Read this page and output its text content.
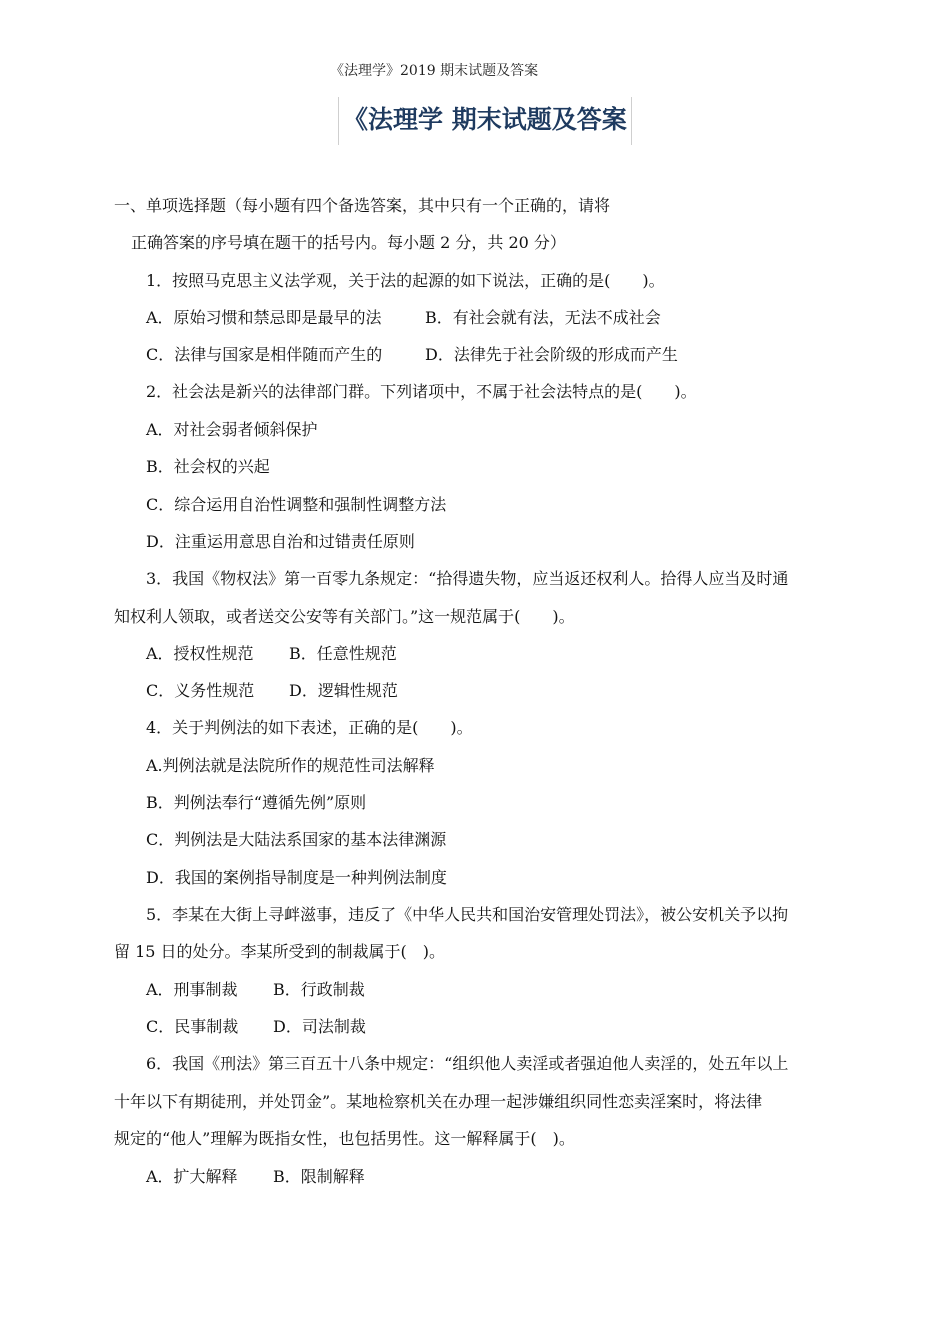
《法理学》2019 期末试题及答案
《法理学 期末试题及答案
一、单项选择题（每小题有四个备选答案，其中只有一个正确的，请将
正确答案的序号填在题干的括号内。每小题 2 分，共 20 分）
1．按照马克思主义法学观，关于法的起源的如下说法，正确的是(　　)。
A．原始习惯和禁忌即是最早的法	B．有社会就有法，无法不成社会
C．法律与国家是相伴随而产生的	D．法律先于社会阶级的形成而产生
2．社会法是新兴的法律部门群。下列诸项中，不属于社会法特点的是(　　)。
A．对社会弱者倾斜保护
B．社会权的兴起
C．综合运用自治性调整和强制性调整方法
D．注重运用意思自治和过错责任原则
3．我国《物权法》第一百零九条规定：“拾得遗失物，应当返还权利人。拾得人应当及时通
知权利人领取，或者送交公安等有关部门。”这一规范属于(　　)。
A．授权性规范 B．任意性规范
C．义务性规范 D．逻辑性规范
4．关于判例法的如下表述，正确的是(　　)。
A.判例法就是法院所作的规范性司法解释
B．判例法奉行“遵循先例”原则
C．判例法是大陆法系国家的基本法律渊源
D．我国的案例指导制度是一种判例法制度
5．李某在大街上寻衅滋事，违反了《中华人民共和国治安管理处罚法》，被公安机关予以拘
留 15 日的处分。李某所受到的制裁属于(　)。
A．刑事制裁 B．行政制裁
C．民事制裁 D．司法制裁
6．我国《刑法》第三百五十八条中规定：“组织他人卖淫或者强迫他人卖淫的，处五年以上
十年以下有期徒刑，并处罚金”。某地检察机关在办理一起涉嫌组织同性恋卖淫案时，将法律
规定的“他人”理解为既指女性，也包括男性。这一解释属于(　)。
A．扩大解释 B．限制解释
